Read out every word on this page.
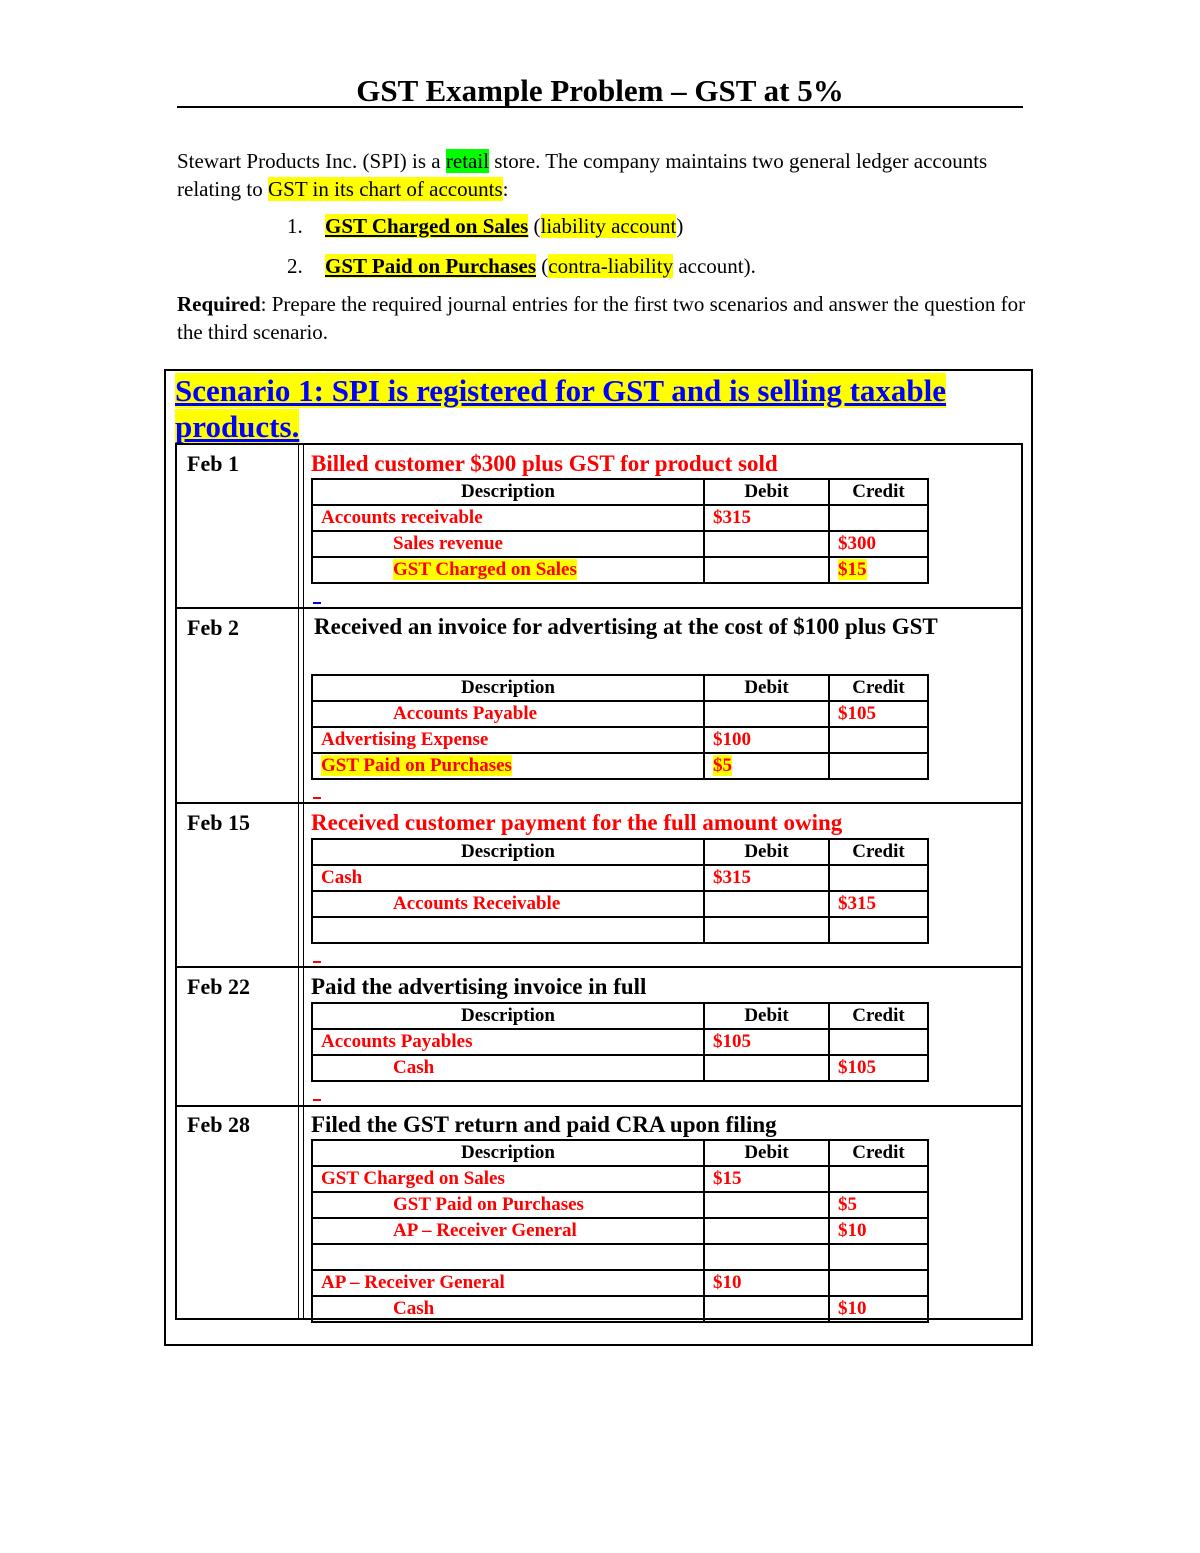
GST Example Problem – GST at 5%
Stewart Products Inc. (SPI) is a retail store. The company maintains two general ledger accounts relating to GST in its chart of accounts:
1.	GST Charged on Sales (liability account)
2.	GST Paid on Purchases (contra-liability account).
Required: Prepare the required journal entries for the first two scenarios and answer the question for the third scenario.
Scenario 1: SPI is registered for GST and is selling taxable products.
Feb 1	Billed customer $300 plus GST for product sold
Description	Debit	Credit
Accounts receivable	$315	
Sales revenue		$300
GST Charged on Sales		$15
Feb 2	Received an invoice for advertising at the cost of $100 plus GST
Description	Debit	Credit
Accounts Payable		$105
Advertising Expense	$100	
GST Paid on Purchases	$5	
Feb 15	Received customer payment for the full amount owing
Description	Debit	Credit
Cash	$315	
Accounts Receivable		$315

Feb 22	Paid the advertising invoice in full
Description	Debit	Credit
Accounts Payables	$105	
Cash		$105
Feb 28	Filed the GST return and paid CRA upon filing
Description	Debit	Credit
GST Charged on Sales	$15	
GST Paid on Purchases		$5
AP – Receiver General		$10

AP – Receiver General	$10	
Cash		$10
